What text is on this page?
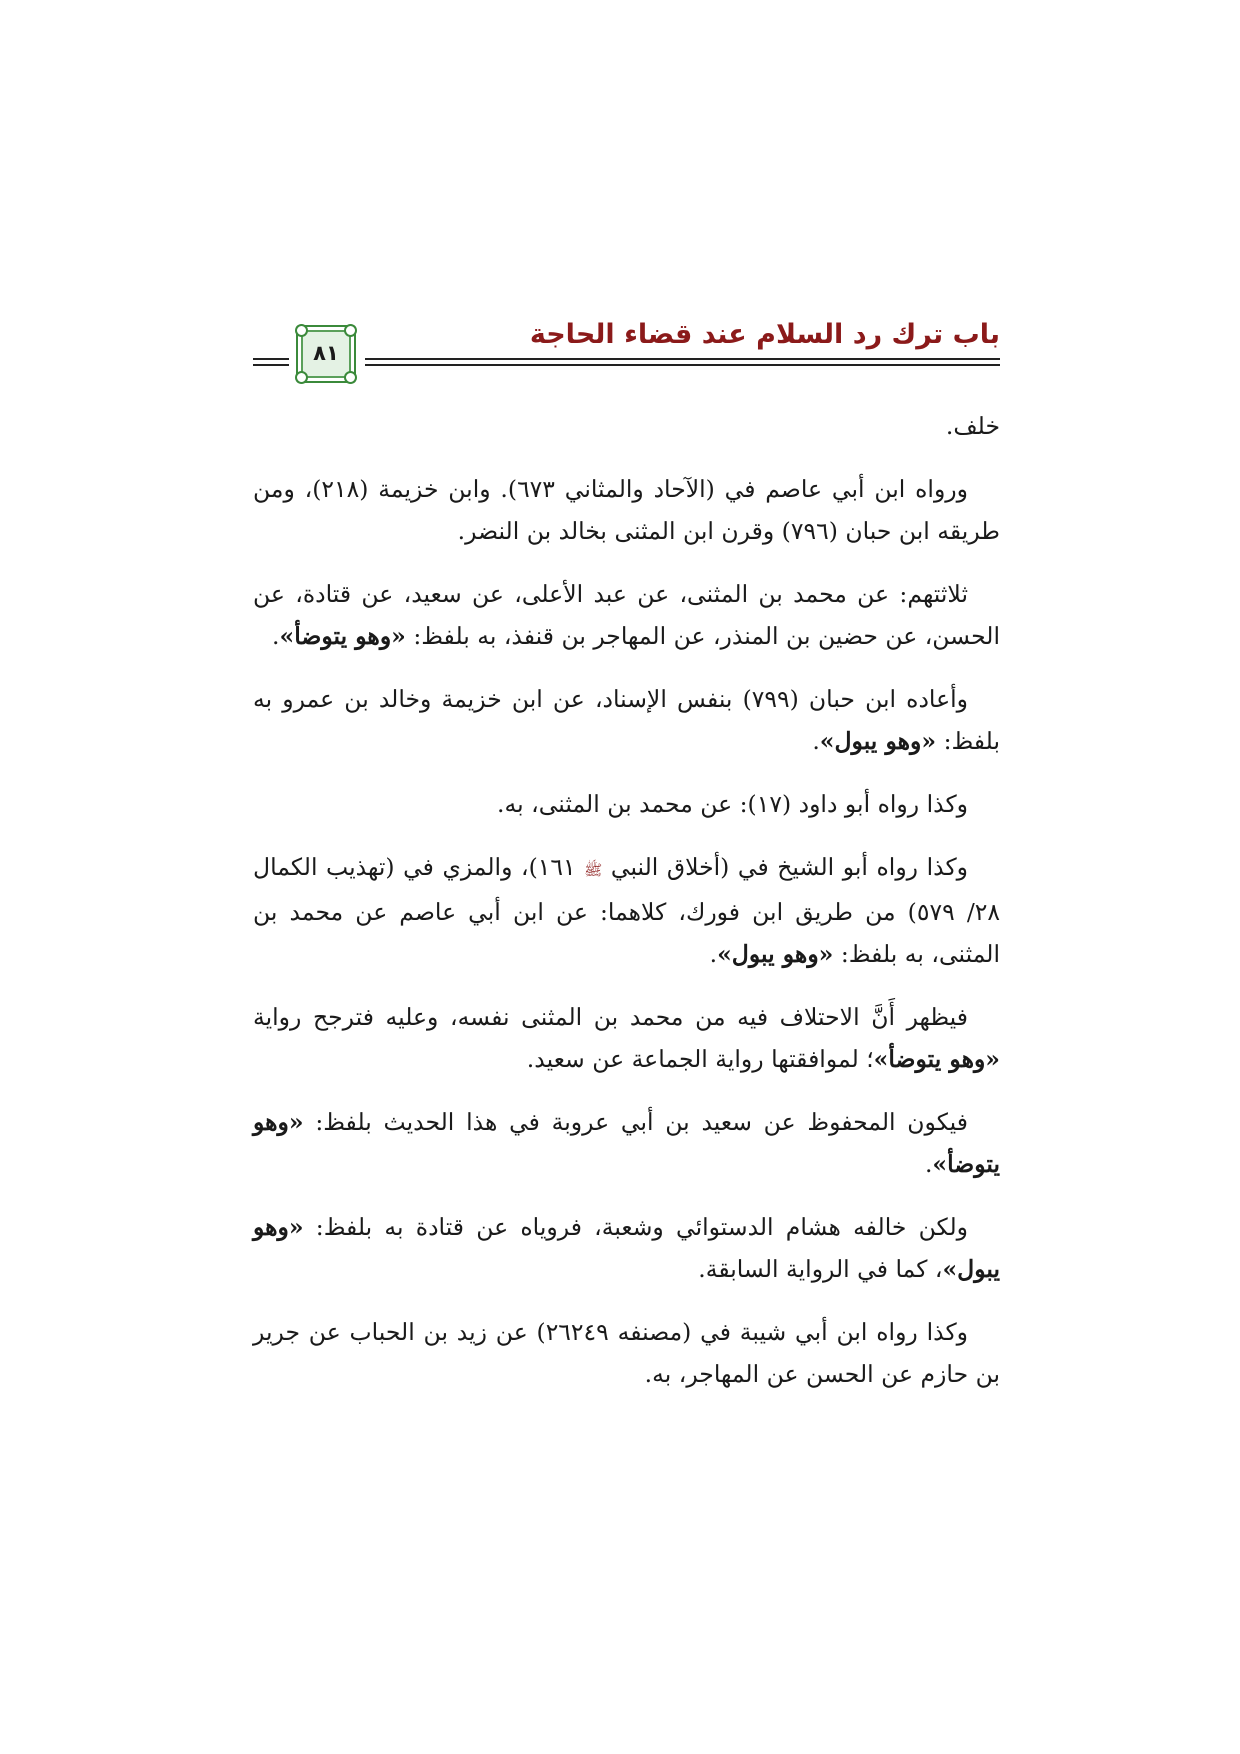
باب ترك رد السلام عند قضاء الحاجة
٨١

خلف.

ورواه ابن أبي عاصم في (الآحاد والمثاني ٦٧٣). وابن خزيمة (٢١٨)، ومن طريقه ابن حبان (٧٩٦) وقرن ابن المثنى بخالد بن النضر.

ثلاثتهم: عن محمد بن المثنى، عن عبد الأعلى، عن سعيد، عن قتادة، عن الحسن، عن حضين بن المنذر، عن المهاجر بن قنفذ، به بلفظ: «وهو يتوضأ».

وأعاده ابن حبان (٧٩٩) بنفس الإسناد، عن ابن خزيمة وخالد بن عمرو به بلفظ: «وهو يبول».

وكذا رواه أبو داود (١٧): عن محمد بن المثنى، به.

وكذا رواه أبو الشيخ في (أخلاق النبي ﷺ ١٦١)، والمزي في (تهذيب الكمال ٢٨/ ٥٧٩) من طريق ابن فورك، كلاهما: عن ابن أبي عاصم عن محمد بن المثنى، به بلفظ: «وهو يبول».

فيظهر أَنَّ الاحتلاف فيه من محمد بن المثنى نفسه، وعليه فترجح رواية «وهو يتوضأ»؛ لموافقتها رواية الجماعة عن سعيد.

فيكون المحفوظ عن سعيد بن أبي عروبة في هذا الحديث بلفظ: «وهو يتوضأ».

ولكن خالفه هشام الدستوائي وشعبة، فروياه عن قتادة به بلفظ: «وهو يبول»، كما في الرواية السابقة.

وكذا رواه ابن أبي شيبة في (مصنفه ٢٦٢٤٩) عن زيد بن الحباب عن جرير بن حازم عن الحسن عن المهاجر، به.
